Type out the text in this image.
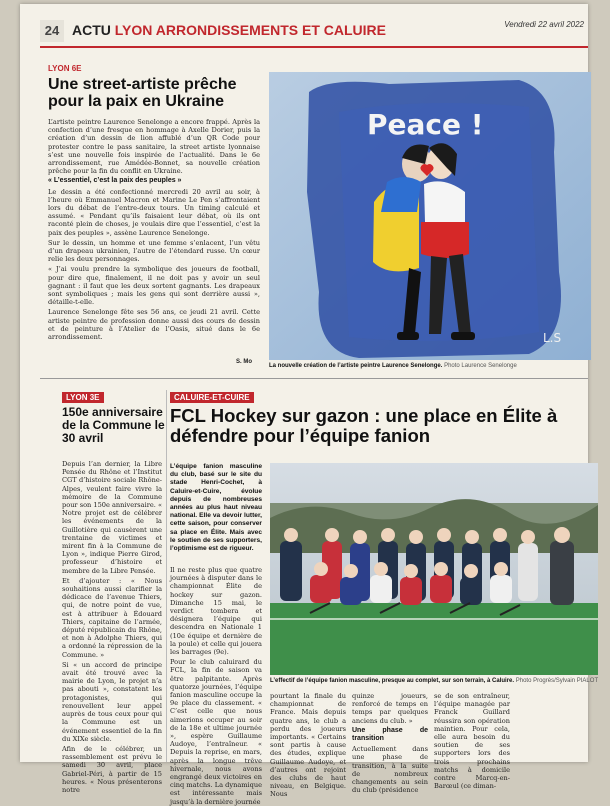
24 ACTU LYON ARRONDISSEMENTS ET CALUIRE	Vendredi 22 avril 2022
LYON 6E
Une street-artiste prêche pour la paix en Ukraine

L’artiste peintre Laurence Senelonge a encore frappé. Après la confection d’une fresque en hommage à Axelle Dorier, puis la création d’un dessin de lion affublé d’un QR Code pour protester contre le pass sanitaire, la street artiste lyonnaise s’est une nouvelle fois inspirée de l’actualité. Dans le 6e arrondissement, rue Amédée-Bonnet, sa nouvelle création prêche pour la fin du conflit en Ukraine.

« L’essentiel, c’est la paix des peuples »

Le dessin a été confectionné mercredi 20 avril au soir, à l’heure où Emmanuel Macron et Marine Le Pen s’affrontaient lors du débat de l’entre-deux tours. Un timing calculé et assumé. « Pendant qu’ils faisaient leur débat, où ils ont raconté plein de choses, je voulais dire que l’essentiel, c’est la paix des peuples », assène Laurence Senelonge.

Sur le dessin, un homme et une femme s’enlacent, l’un vêtu d’un drapeau ukrainien, l’autre de l’étendard russe. Un cœur relie les deux personnages.

« J’ai voulu prendre la symbolique des joueurs de football, pour dire que, finalement, il ne doit pas y avoir un seul gagnant : il faut que les deux sortent gagnants. Les drapeaux sont symboliques ; mais les gens qui sont derrière aussi », détaille-t-elle.

Laurence Senelonge fête ses 56 ans, ce jeudi 21 avril. Cette artiste peintre de profession donne aussi des cours de dessin et de peinture à l’Atelier de l’Oasis, situé dans le 6e arrondissement.

S. Mo
Peace !
L.S
La nouvelle création de l’artiste peintre Laurence Senelonge. Photo Laurence Senelonge
LYON 3E
150e anniversaire de la Commune le 30 avril

Depuis l’an dernier, la Libre Pensée du Rhône et l’Institut CGT d’histoire sociale Rhône-Alpes, veulent faire vivre la mémoire de la Commune pour son 150e anniversaire. « Notre projet est de célébrer les événements de la Guillotière qui causèrent une trentaine de victimes et mirent fin à la Commune de Lyon », indique Pierre Girod, professeur d’histoire et membre de la Libre Pensée.

Et d’ajouter : « Nous souhaitions aussi clarifier la dédicace de l’avenue Thiers, qui, de notre point de vue, est à attribuer à Édouard Thiers, capitaine de l’armée, député républicain du Rhône, et non à Adolphe Thiers, qui a ordonné la répression de la Commune. »

Si « un accord de principe avait été trouvé avec la mairie de Lyon, le projet n’a pas abouti », constatent les protagonistes, qui renouvellent leur appel auprès de tous ceux pour qui la Commune est un événement essentiel de la fin du XIXe siècle.

Afin de le célébrer, un rassemblement est prévu le samedi 30 avril, place Gabriel-Péri, à partir de 15 heures. « Nous présenterons notre

CALUIRE-ET-CUIRE
FCL Hockey sur gazon : une place en Élite à défendre pour l’équipe fanion
L’équipe fanion masculine du club, basé sur le site du stade Henri-Cochet, à Caluire-et-Cuire, évolue depuis de nombreuses années au plus haut niveau national. Elle va devoir lutter, cette saison, pour conserver sa place en Élite. Mais avec le soutien de ses supporters, l’optimisme est de rigueur.

Il ne reste plus que quatre journées à disputer dans le championnat Élite de hockey sur gazon. Dimanche 15 mai, le verdict tombera et désignera l’équipe qui descendra en Nationale 1 (10e équipe et dernière de la poule) et celle qui jouera les barrages (9e).

Pour le club caluirard du FCL, la fin de saison va être palpitante. Après quatorze journées, l’équipe fanion masculine occupe la 9e place du classement. « C’est celle que nous aimerions occuper au soir de la 18e et ultime journée », espère Guillaume Audoye, l’entraîneur. « Depuis la reprise, en mars, après la longue trêve hivernale, nous avons engrangé deux victoires en cinq matchs. La dynamique est intéressante mais jusqu’à la dernière journée

L’effectif de l’équipe fanion masculine, presque au complet, sur son terrain, à Caluire. Photo Progrès/Sylvain PIALOT

pourtant la finale du championnat de France. Mais depuis quatre ans, le club a perdu des joueurs importants. « Certains sont partis à cause des études, explique Guillaume Audoye, et d’autres ont rejoint des clubs de haut niveau, en Belgique. Nous

quinze joueurs, renforcé de temps en temps par quelques anciens du club. »

Une phase de transition

Actuellement dans une phase de transition, à la suite de nombreux changements au sein du club (présidence

se de son entraîneur, l’équipe managée par Franck Guillard réussira son opération maintien. Pour cela, elle aura besoin du soutien de ses supporters lors des trois prochains matchs à domicile contre Marcq-en-Barœul (ce diman-
